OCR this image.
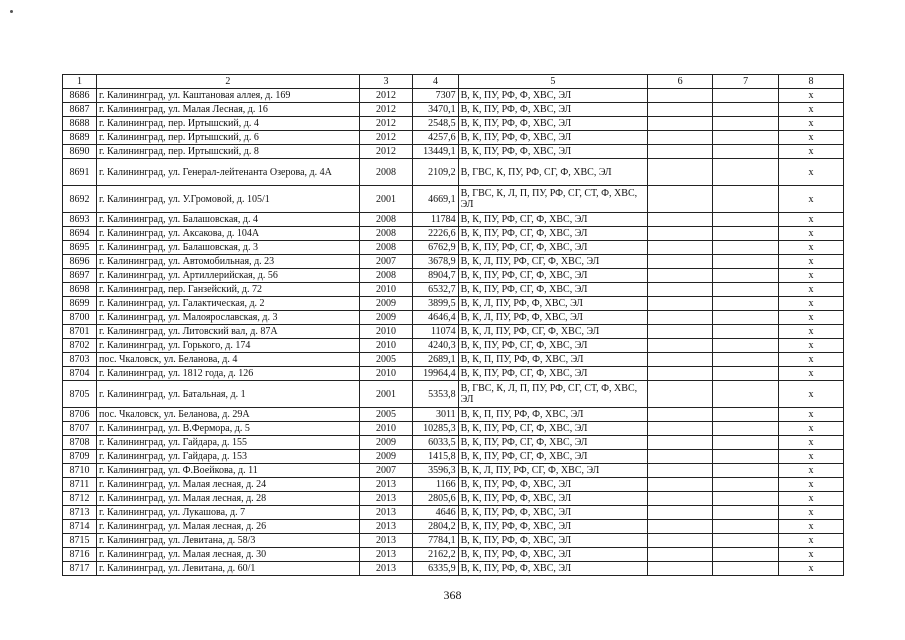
1	2	3	4	5	6	7	8
8686	г. Калининград, ул. Каштановая аллея, д. 169	2012	7307	В, К, ПУ, РФ, Ф, ХВС, ЭЛ			х
8687	г. Калининград, ул. Малая Лесная, д. 16	2012	3470,1	В, К, ПУ, РФ, Ф, ХВС, ЭЛ			х
8688	г. Калининград, пер. Иртышский, д. 4	2012	2548,5	В, К, ПУ, РФ, Ф, ХВС, ЭЛ			х
8689	г. Калининград, пер. Иртышский, д. 6	2012	4257,6	В, К, ПУ, РФ, Ф, ХВС, ЭЛ			х
8690	г. Калининград, пер. Иртышский, д. 8	2012	13449,1	В, К, ПУ, РФ, Ф, ХВС, ЭЛ			х
8691	г. Калининград, ул. Генерал-лейтенанта Озерова, д. 4А	2008	2109,2	В, ГВС, К, ПУ, РФ, СГ, Ф, ХВС, ЭЛ			х
8692	г. Калининград, ул. У.Громовой, д. 105/1	2001	4669,1	В, ГВС, К, Л, П, ПУ, РФ, СГ, СТ, Ф, ХВС, ЭЛ			х
8693	г. Калининград, ул. Балашовская, д. 4	2008	11784	В, К, ПУ, РФ, СГ, Ф, ХВС, ЭЛ			х
8694	г. Калининград, ул. Аксакова, д. 104А	2008	2226,6	В, К, ПУ, РФ, СГ, Ф, ХВС, ЭЛ			х
8695	г. Калининград, ул. Балашовская, д. 3	2008	6762,9	В, К, ПУ, РФ, СГ, Ф, ХВС, ЭЛ			х
8696	г. Калининград, ул. Автомобильная, д. 23	2007	3678,9	В, К, Л, ПУ, РФ, СГ, Ф, ХВС, ЭЛ			х
8697	г. Калининград, ул. Артиллерийская, д. 56	2008	8904,7	В, К, ПУ, РФ, СГ, Ф, ХВС, ЭЛ			х
8698	г. Калининград, пер. Ганзейский, д. 72	2010	6532,7	В, К, ПУ, РФ, СГ, Ф, ХВС, ЭЛ			х
8699	г. Калининград, ул. Галактическая, д. 2	2009	3899,5	В, К, Л, ПУ, РФ, Ф, ХВС, ЭЛ			х
8700	г. Калининград, ул. Малоярославская, д. 3	2009	4646,4	В, К, Л, ПУ, РФ, Ф, ХВС, ЭЛ			х
8701	г. Калининград, ул. Литовский вал, д. 87А	2010	11074	В, К, Л, ПУ, РФ, СГ, Ф, ХВС, ЭЛ			х
8702	г. Калининград, ул. Горького, д. 174	2010	4240,3	В, К, ПУ, РФ, СГ, Ф, ХВС, ЭЛ			х
8703	пос. Чкаловск, ул. Беланова, д. 4	2005	2689,1	В, К, П, ПУ, РФ, Ф, ХВС, ЭЛ			х
8704	г. Калининград, ул. 1812 года, д. 126	2010	19964,4	В, К, ПУ, РФ, СГ, Ф, ХВС, ЭЛ			х
8705	г. Калининград, ул. Батальная, д. 1	2001	5353,8	В, ГВС, К, Л, П, ПУ, РФ, СГ, СТ, Ф, ХВС, ЭЛ			х
8706	пос. Чкаловск, ул. Беланова, д. 29А	2005	3011	В, К, П, ПУ, РФ, Ф, ХВС, ЭЛ			х
8707	г. Калининград, ул. В.Фермора, д. 5	2010	10285,3	В, К, ПУ, РФ, СГ, Ф, ХВС, ЭЛ			х
8708	г. Калининград, ул. Гайдара, д. 155	2009	6033,5	В, К, ПУ, РФ, СГ, Ф, ХВС, ЭЛ			х
8709	г. Калининград, ул. Гайдара, д. 153	2009	1415,8	В, К, ПУ, РФ, СГ, Ф, ХВС, ЭЛ			х
8710	г. Калининград, ул. Ф.Воейкова, д. 11	2007	3596,3	В, К, Л, ПУ, РФ, СГ, Ф, ХВС, ЭЛ			х
8711	г. Калининград, ул. Малая лесная, д. 24	2013	1166	В, К, ПУ, РФ, Ф, ХВС, ЭЛ			х
8712	г. Калининград, ул. Малая лесная, д. 28	2013	2805,6	В, К, ПУ, РФ, Ф, ХВС, ЭЛ			х
8713	г. Калининград, ул. Лукашова, д. 7	2013	4646	В, К, ПУ, РФ, Ф, ХВС, ЭЛ			х
8714	г. Калининград, ул. Малая лесная, д. 26	2013	2804,2	В, К, ПУ, РФ, Ф, ХВС, ЭЛ			х
8715	г. Калининград, ул. Левитана, д. 58/3	2013	7784,1	В, К, ПУ, РФ, Ф, ХВС, ЭЛ			х
8716	г. Калининград, ул. Малая лесная, д. 30	2013	2162,2	В, К, ПУ, РФ, Ф, ХВС, ЭЛ			х
8717	г. Калининград, ул. Левитана, д. 60/1	2013	6335,9	В, К, ПУ, РФ, Ф, ХВС, ЭЛ			х
368
